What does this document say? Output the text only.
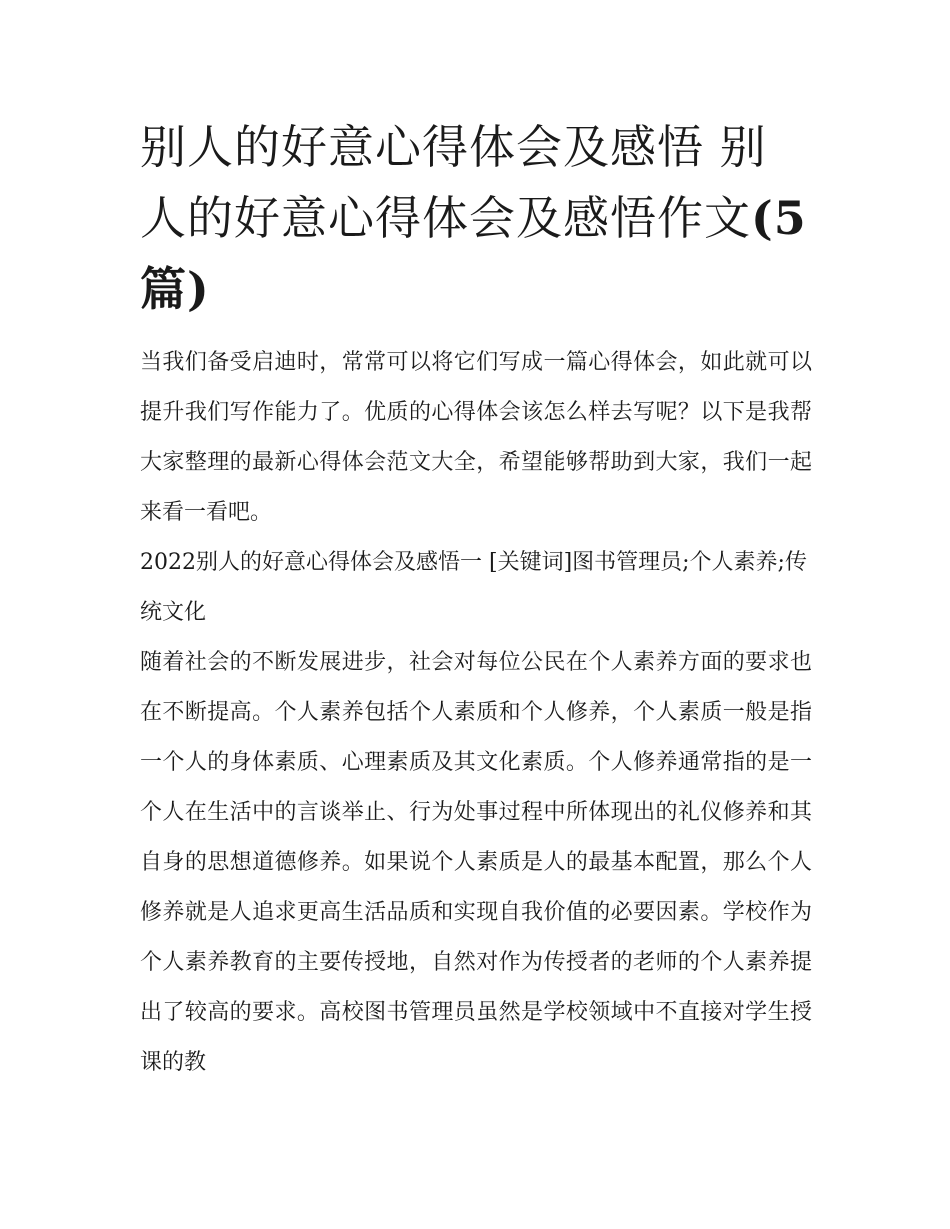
别人的好意心得体会及感悟 别人的好意心得体会及感悟作文(5篇)

当我们备受启迪时，常常可以将它们写成一篇心得体会，如此就可以提升我们写作能力了。优质的心得体会该怎么样去写呢？以下是我帮大家整理的最新心得体会范文大全，希望能够帮助到大家，我们一起来看一看吧。

2022别人的好意心得体会及感悟一 [关键词]图书管理员;个人素养;传统文化

随着社会的不断发展进步，社会对每位公民在个人素养方面的要求也在不断提高。个人素养包括个人素质和个人修养，个人素质一般是指一个人的身体素质、心理素质及其文化素质。个人修养通常指的是一个人在生活中的言谈举止、行为处事过程中所体现出的礼仪修养和其自身的思想道德修养。如果说个人素质是人的最基本配置，那么个人修养就是人追求更高生活品质和实现自我价值的必要因素。学校作为个人素养教育的主要传授地，自然对作为传授者的老师的个人素养提出了较高的要求。高校图书管理员虽然是学校领域中不直接对学生授课的教
